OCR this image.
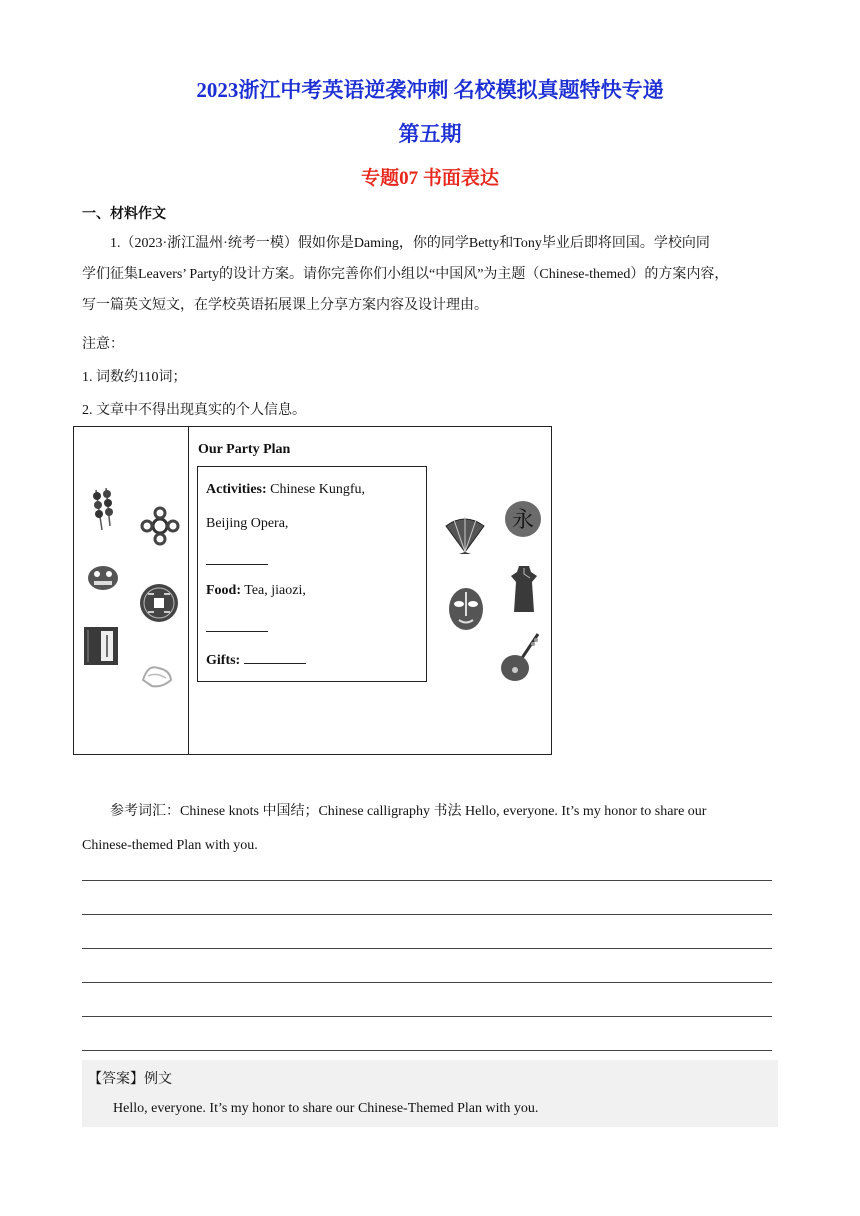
2023浙江中考英语逆袭冲刺 名校模拟真题特快专递
第五期
专题07 书面表达
一、材料作文
1.（2023·浙江温州·统考一模）假如你是Daming，你的同学Betty和Tony毕业后即将回国。学校向同
学们征集Leavers’ Party的设计方案。请你完善你们小组以“中国风”为主题（Chinese-themed）的方案内容，
写一篇英文短文，在学校英语拓展课上分享方案内容及设计理由。
注意：
1. 词数约110词；
2. 文章中不得出现真实的个人信息。
Our Party Plan
Activities: Chinese Kungfu,
Beijing Opera,
Food: Tea, jiaozi,
Gifts:
永
参考词汇：Chinese knots 中国结；Chinese calligraphy 书法 Hello, everyone. It’s my honor to share our
Chinese-themed Plan with you.
【答案】例文
Hello, everyone. It’s my honor to share our Chinese-Themed Plan with you.
